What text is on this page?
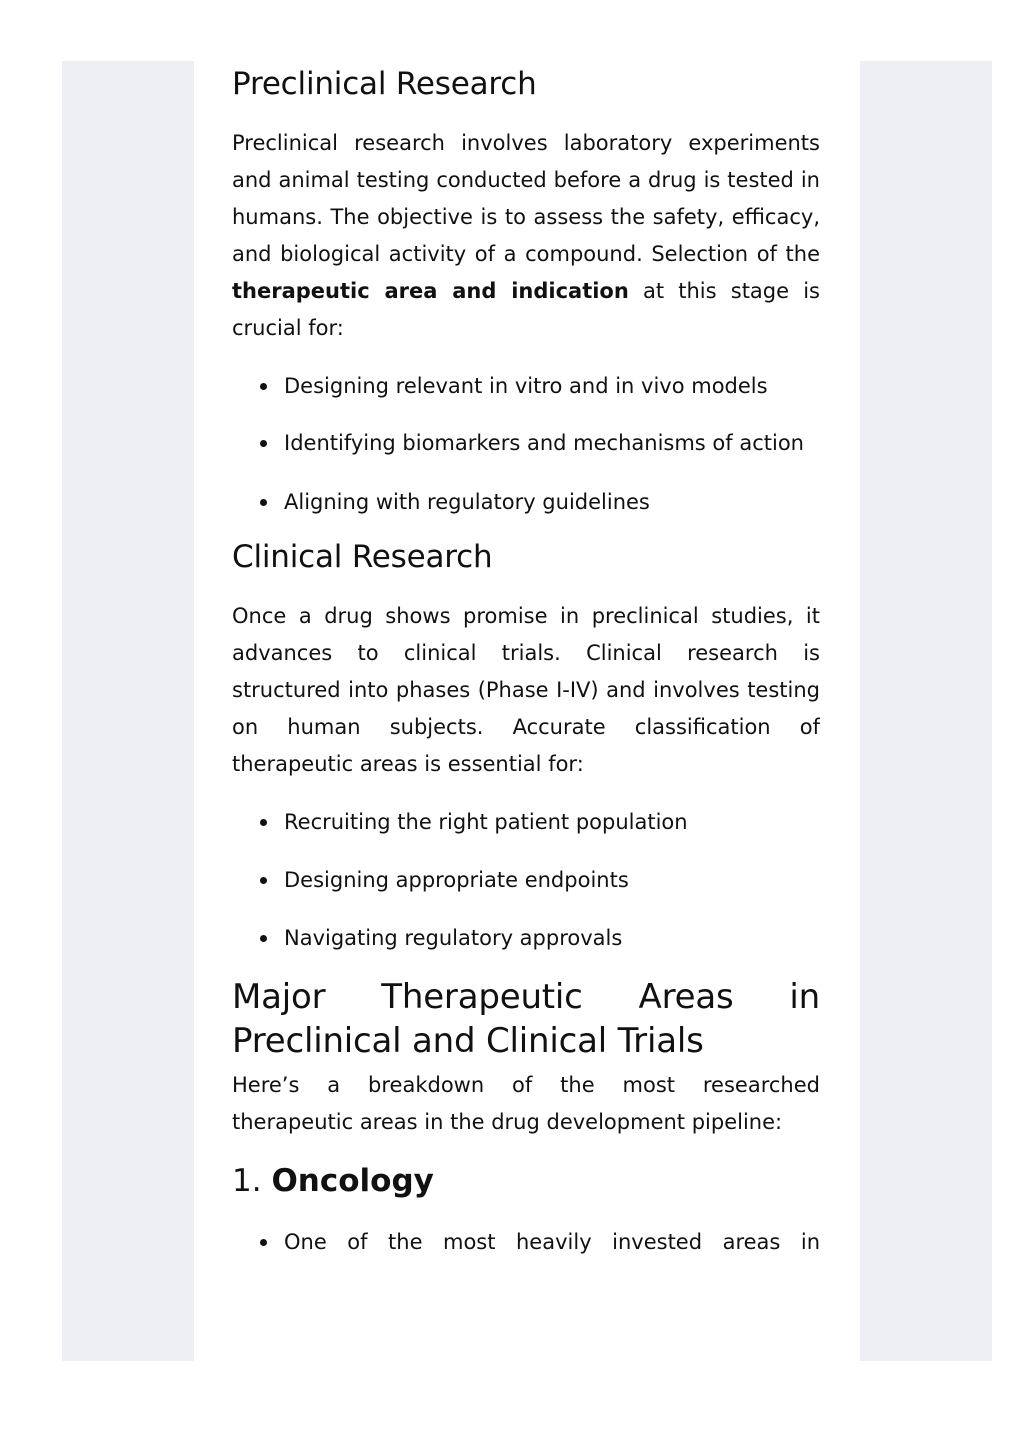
Preclinical Research

Preclinical research involves laboratory experiments and animal testing conducted before a drug is tested in humans. The objective is to assess the safety, efficacy, and biological activity of a compound. Selection of the therapeutic area and indication at this stage is crucial for:

Designing relevant in vitro and in vivo models
Identifying biomarkers and mechanisms of action
Aligning with regulatory guidelines
Clinical Research

Once a drug shows promise in preclinical studies, it advances to clinical trials. Clinical research is structured into phases (Phase I-IV) and involves testing on human subjects. Accurate classification of therapeutic areas is essential for:

Recruiting the right patient population
Designing appropriate endpoints
Navigating regulatory approvals
Major Therapeutic Areas in Preclinical and Clinical Trials

Here’s a breakdown of the most researched therapeutic areas in the drug development pipeline:

1. Oncology
One of the most heavily invested areas in
